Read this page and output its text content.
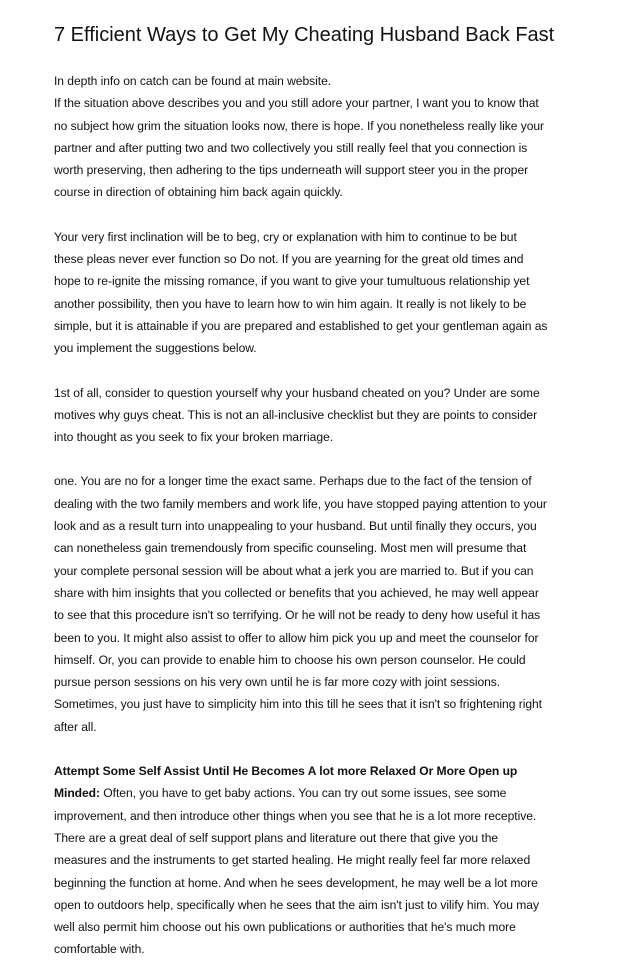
7 Efficient Ways to Get My Cheating Husband Back Fast

In depth info on catch can be found at main website.
If the situation above describes you and you still adore your partner, I want you to know that
no subject how grim the situation looks now, there is hope. If you nonetheless really like your
partner and after putting two and two collectively you still really feel that you connection is
worth preserving, then adhering to the tips underneath will support steer you in the proper
course in direction of obtaining him back again quickly.

Your very first inclination will be to beg, cry or explanation with him to continue to be but
these pleas never ever function so Do not. If you are yearning for the great old times and
hope to re-ignite the missing romance, if you want to give your tumultuous relationship yet
another possibility, then you have to learn how to win him again. It really is not likely to be
simple, but it is attainable if you are prepared and established to get your gentleman again as
you implement the suggestions below.

1st of all, consider to question yourself why your husband cheated on you? Under are some
motives why guys cheat. This is not an all-inclusive checklist but they are points to consider
into thought as you seek to fix your broken marriage.

one. You are no for a longer time the exact same. Perhaps due to the fact of the tension of
dealing with the two family members and work life, you have stopped paying attention to your
look and as a result turn into unappealing to your husband. But until finally they occurs, you
can nonetheless gain tremendously from specific counseling. Most men will presume that
your complete personal session will be about what a jerk you are married to. But if you can
share with him insights that you collected or benefits that you achieved, he may well appear
to see that this procedure isn't so terrifying. Or he will not be ready to deny how useful it has
been to you. It might also assist to offer to allow him pick you up and meet the counselor for
himself. Or, you can provide to enable him to choose his own person counselor. He could
pursue person sessions on his very own until he is far more cozy with joint sessions.
Sometimes, you just have to simplicity him into this till he sees that it isn't so frightening right
after all.

Attempt Some Self Assist Until He Becomes A lot more Relaxed Or More Open up
Minded: Often, you have to get baby actions. You can try out some issues, see some
improvement, and then introduce other things when you see that he is a lot more receptive.
There are a great deal of self support plans and literature out there that give you the
measures and the instruments to get started healing. He might really feel far more relaxed
beginning the function at home. And when he sees development, he may well be a lot more
open to outdoors help, specifically when he sees that the aim isn't just to vilify him. You may
well also permit him choose out his own publications or authorities that he's much more
comfortable with.
